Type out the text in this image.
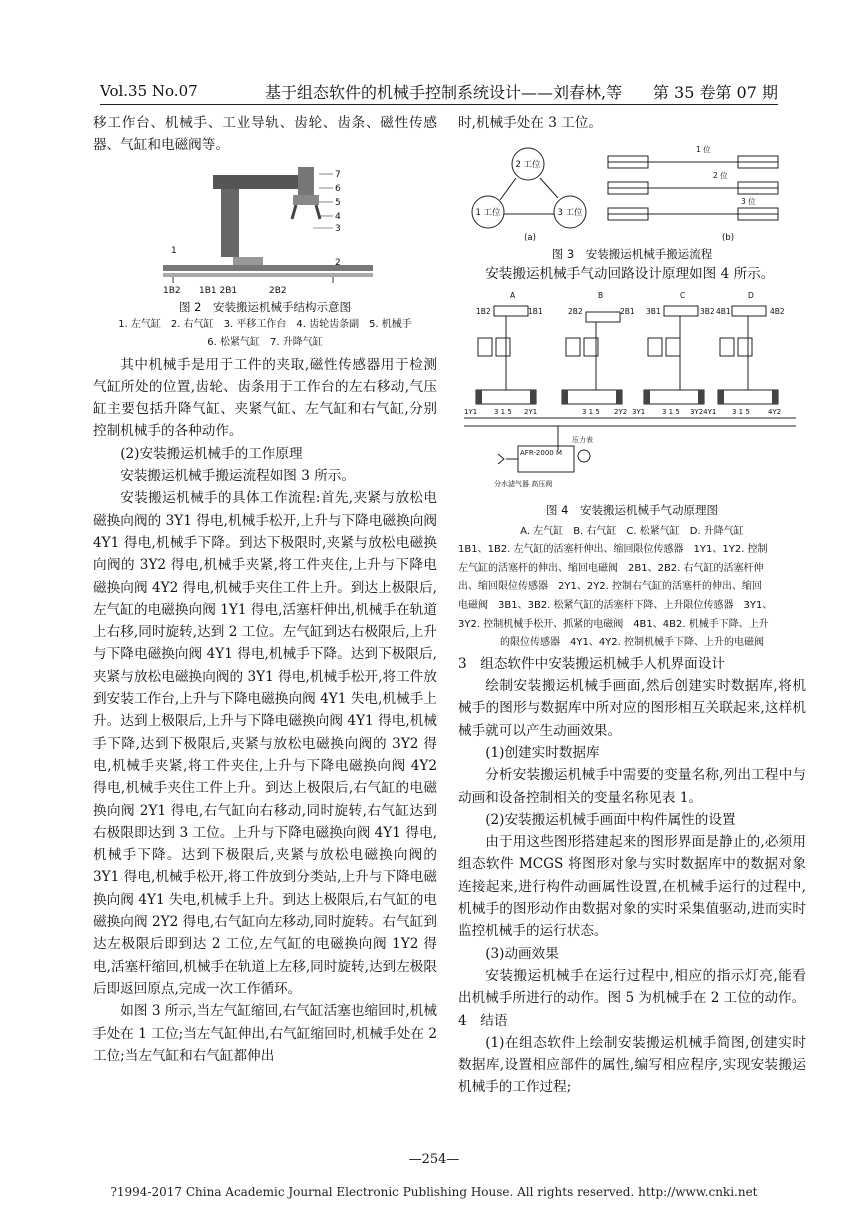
Vol.35 No.07	基于组态软件的机械手控制系统设计——刘春林,等 第 35 卷第 07 期

移工作台、机械手、工业导轨、齿轮、齿条、磁性传感器、气缸和电磁阀等。

7
6
5
4
3
2
1
1B2 1B1 2B1	2B2

图 2　安装搬运机械手结构示意图

1. 左气缸　2. 右气缸　3. 平移工作台　4. 齿轮齿条副　5. 机械手

6. 松紧气缸　7. 升降气缸

其中机械手是用于工件的夹取,磁性传感器用于检测气缸所处的位置,齿轮、齿条用于工作台的左右移动,气压缸主要包括升降气缸、夹紧气缸、左气缸和右气缸,分别控制机械手的各种动作。

(2)安装搬运机械手的工作原理

安装搬运机械手搬运流程如图 3 所示。

安装搬运机械手的具体工作流程:首先,夹紧与放松电磁换向阀的 3Y1 得电,机械手松开,上升与下降电磁换向阀 4Y1 得电,机械手下降。到达下极限时,夹紧与放松电磁换向阀的 3Y2 得电,机械手夹紧,将工件夹住,上升与下降电磁换向阀 4Y2 得电,机械手夹住工件上升。到达上极限后,左气缸的电磁换向阀 1Y1 得电,活塞杆伸出,机械手在轨道上右移,同时旋转,达到 2 工位。左气缸到达右极限后,上升与下降电磁换向阀 4Y1 得电,机械手下降。达到下极限后,夹紧与放松电磁换向阀的 3Y1 得电,机械手松开,将工件放到安装工作台,上升与下降电磁换向阀 4Y1 失电,机械手上升。达到上极限后,上升与下降电磁换向阀 4Y1 得电,机械手下降,达到下极限后,夹紧与放松电磁换向阀的 3Y2 得电,机械手夹紧,将工件夹住,上升与下降电磁换向阀 4Y2 得电,机械手夹住工件上升。到达上极限后,右气缸的电磁换向阀 2Y1 得电,右气缸向右移动,同时旋转,右气缸达到右极限即达到 3 工位。上升与下降电磁换向阀 4Y1 得电,机械手下降。达到下极限后,夹紧与放松电磁换向阀的 3Y1 得电,机械手松开,将工件放到分类站,上升与下降电磁换向阀 4Y1 失电,机械手上升。到达上极限后,右气缸的电磁换向阀 2Y2 得电,右气缸向左移动,同时旋转。右气缸到达左极限后即到达 2 工位,左气缸的电磁换向阀 1Y2 得电,活塞杆缩回,机械手在轨道上左移,同时旋转,达到左极限后即返回原点,完成一次工作循环。

如图 3 所示,当左气缸缩回,右气缸活塞也缩回时,机械手处在 1 工位;当左气缸伸出,右气缸缩回时,机械手处在 2 工位;当左气缸和右气缸都伸出

时,机械手处在 3 工位。

2 工位
1 工位	3 工位
(a)	(b)
1 位
2 位
3 位

图 3　安装搬运机械手搬运流程

安装搬运机械手气动回路设计原理如图 4 所示。

A	B	C	D
1B2	1B1	2B2	2B1 3B1	3B2 4B1	4B2
1Y1 3 1 5 2Y1	3 1 5 2Y2 3Y1 3 1 5 3Y24Y1 3 1 5	4Y2
AFR-2000 M
压力表
分水滤气器 高压阀

图 4　安装搬运机械手气动原理图

A. 左气缸　B. 右气缸　C. 松紧气缸　D. 升降气缸

1B1、1B2. 左气缸的活塞杆伸出、缩回限位传感器　1Y1、1Y2. 控制

左气缸的活塞杆的伸出、缩回电磁阀　2B1、2B2. 右气缸的活塞杆伸

出、缩回限位传感器　2Y1、2Y2. 控制右气缸的活塞杆的伸出、缩回

电磁阀　3B1、3B2. 松紧气缸的活塞杆下降、上升限位传感器　3Y1、

3Y2. 控制机械手松开、抓紧的电磁阀　4B1、4B2. 机械手下降、上升

的限位传感器　4Y1、4Y2. 控制机械手下降、上升的电磁阀

3　组态软件中安装搬运机械手人机界面设计

绘制安装搬运机械手画面,然后创建实时数据库,将机械手的图形与数据库中所对应的图形相互关联起来,这样机械手就可以产生动画效果。

(1)创建实时数据库

分析安装搬运机械手中需要的变量名称,列出工程中与动画和设备控制相关的变量名称见表 1。

(2)安装搬运机械手画面中构件属性的设置

由于用这些图形搭建起来的图形界面是静止的,必须用组态软件 MCGS 将图形对象与实时数据库中的数据对象连接起来,进行构件动画属性设置,在机械手运行的过程中,机械手的图形动作由数据对象的实时采集值驱动,进而实时监控机械手的运行状态。

(3)动画效果

安装搬运机械手在运行过程中,相应的指示灯亮,能看出机械手所进行的动作。图 5 为机械手在 2 工位的动作。

4　结语

(1)在组态软件上绘制安装搬运机械手简图,创建实时数据库,设置相应部件的属性,编写相应程序,实现安装搬运机械手的工作过程;

—254—
?1994-2017 China Academic Journal Electronic Publishing House. All rights reserved. http://www.cnki.net
